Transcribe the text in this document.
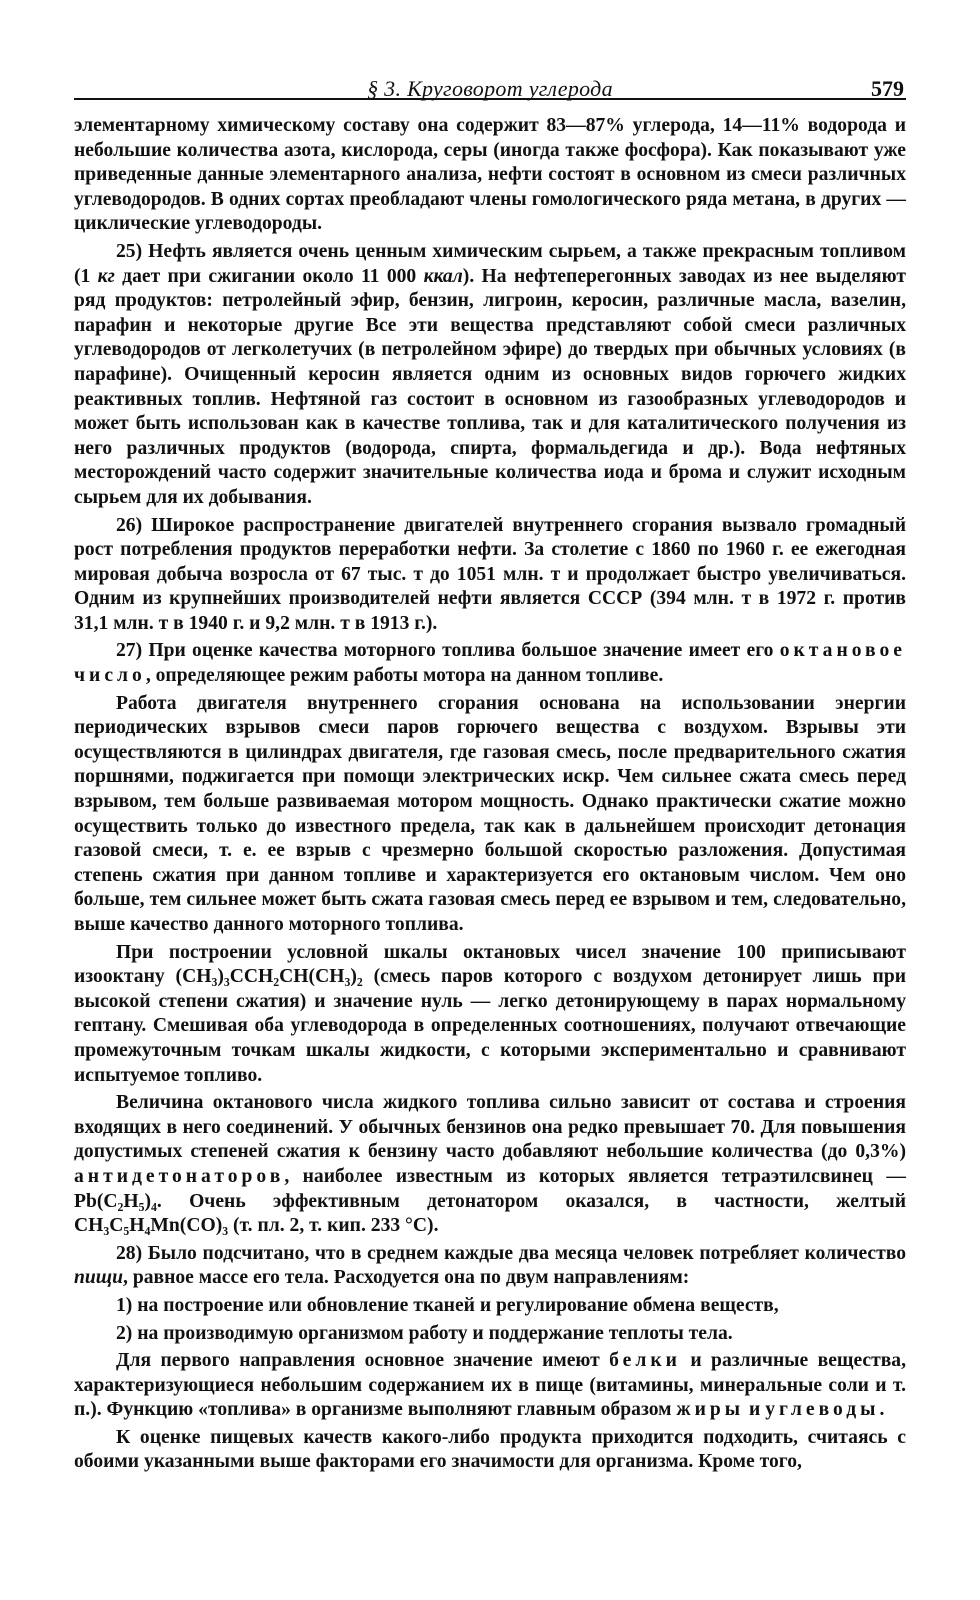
§ 3. Круговорот углерода	579

элементарному химическому составу она содержит 83—87% углерода, 14—11% водорода и небольшие количества азота, кислорода, серы (иногда также фосфора). Как показывают уже приведенные данные элементарного анализа, нефти состоят в основном из смеси различных углеводородов. В одних сортах преобладают члены гомологического ряда метана, в других — циклические углеводороды.

25) Нефть является очень ценным химическим сырьем, а также прекрасным топливом (1 кг дает при сжигании около 11 000 ккал). На нефтеперегонных заводах из нее выделяют ряд продуктов: петролейный эфир, бензин, лигроин, керосин, различные масла, вазелин, парафин и некоторые другие Все эти вещества представляют собой смеси различных углеводородов от легколетучих (в петролейном эфире) до твердых при обычных условиях (в парафине). Очищенный керосин является одним из основных видов горючего жидких реактивных топлив. Нефтяной газ состоит в основном из газообразных углеводородов и может быть использован как в качестве топлива, так и для каталитического получения из него различных продуктов (водорода, спирта, формальдегида и др.). Вода нефтяных месторождений часто содержит значительные количества иода и брома и служит исходным сырьем для их добывания.

26) Широкое распространение двигателей внутреннего сгорания вызвало громадный рост потребления продуктов переработки нефти. За столетие с 1860 по 1960 г. ее ежегодная мировая добыча возросла от 67 тыс. т до 1051 млн. т и продолжает быстро увеличиваться. Одним из крупнейших производителей нефти является СССР (394 млн. т в 1972 г. против 31,1 млн. т в 1940 г. и 9,2 млн. т в 1913 г.).

27) При оценке качества моторного топлива большое значение имеет его октановое число, определяющее режим работы мотора на данном топливе.

Работа двигателя внутреннего сгорания основана на использовании энергии периодических взрывов смеси паров горючего вещества с воздухом. Взрывы эти осуществляются в цилиндрах двигателя, где газовая смесь, после предварительного сжатия поршнями, поджигается при помощи электрических искр. Чем сильнее сжата смесь перед взрывом, тем больше развиваемая мотором мощность. Однако практически сжатие можно осуществить только до известного предела, так как в дальнейшем происходит детонация газовой смеси, т. е. ее взрыв с чрезмерно большой скоростью разложения. Допустимая степень сжатия при данном топливе и характеризуется его октановым числом. Чем оно больше, тем сильнее может быть сжата газовая смесь перед ее взрывом и тем, следовательно, выше качество данного моторного топлива.

При построении условной шкалы октановых чисел значение 100 приписывают изооктану (CH₃)₃CCH₂CH(CH₃)₂ (смесь паров которого с воздухом детонирует лишь при высокой степени сжатия) и значение нуль — легко детонирующему в парах нормальному гептану. Смешивая оба углеводорода в определенных соотношениях, получают отвечающие промежуточным точкам шкалы жидкости, с которыми экспериментально и сравнивают испытуемое топливо.

Величина октанового числа жидкого топлива сильно зависит от состава и строения входящих в него соединений. У обычных бензинов она редко превышает 70. Для повышения допустимых степеней сжатия к бензину часто добавляют небольшие количества (до 0,3%) антидетонаторов, наиболее известным из которых является тетраэтилсвинец — Pb(C₂H₅)₄. Очень эффективным детонатором оказался, в частности, желтый CH₃C₅H₄Mn(CO)₃ (т. пл. 2, т. кип. 233 °С).

28) Было подсчитано, что в среднем каждые два месяца человек потребляет количество пищи, равное массе его тела. Расходуется она по двум направлениям:

1) на построение или обновление тканей и регулирование обмена веществ,

2) на производимую организмом работу и поддержание теплоты тела.

Для первого направления основное значение имеют белки и различные вещества, характеризующиеся небольшим содержанием их в пище (витамины, минеральные соли и т. п.). Функцию «топлива» в организме выполняют главным образом жиры и углеводы.

К оценке пищевых качеств какого-либо продукта приходится подходить, считаясь с обоими указанными выше факторами его значимости для организма. Кроме того,
